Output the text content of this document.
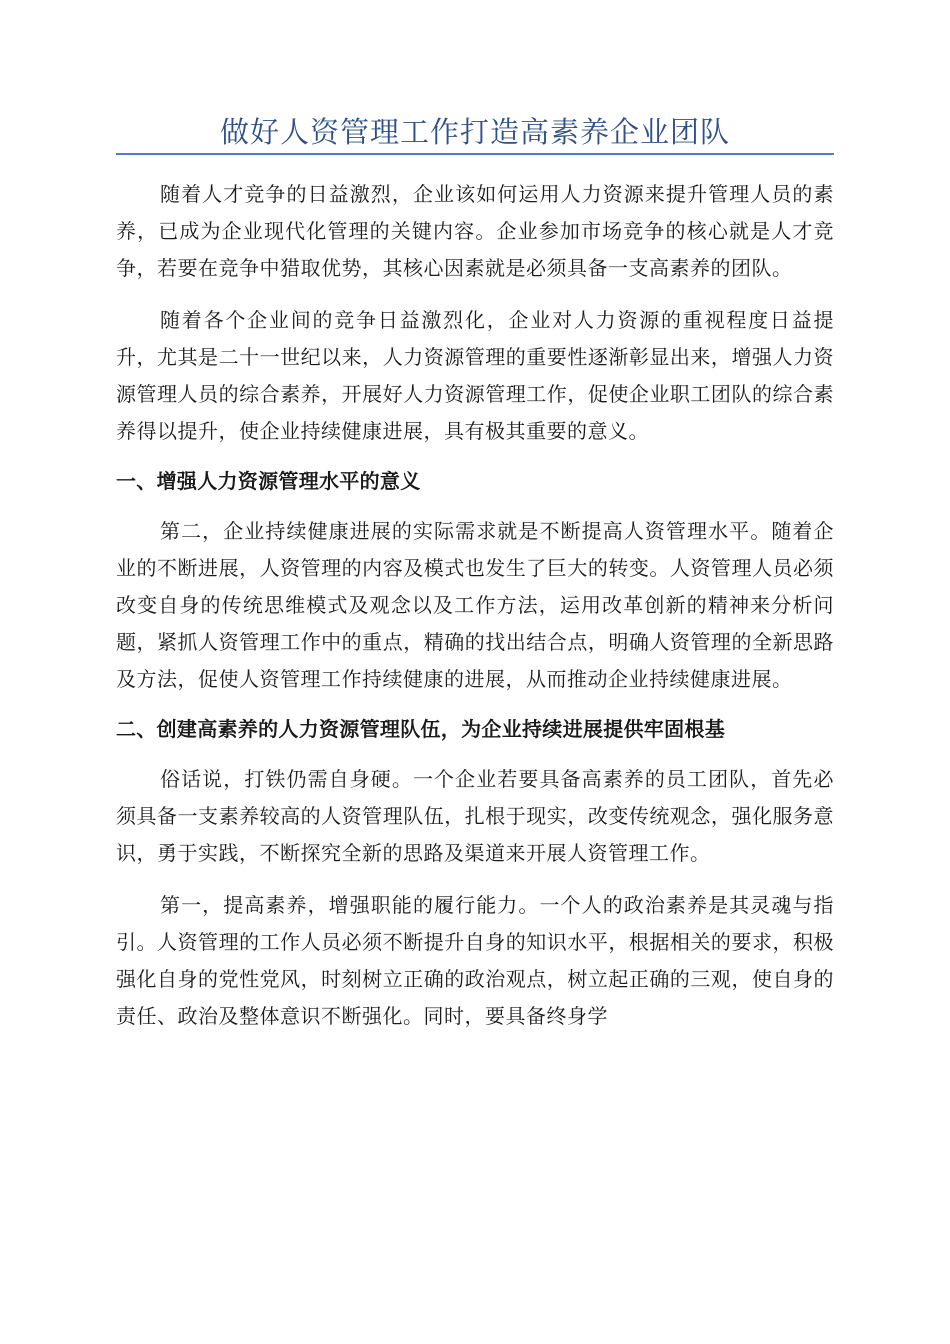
做好人资管理工作打造高素养企业团队

随着人才竞争的日益激烈，企业该如何运用人力资源来提升管理人员的素养，已成为企业现代化管理的关键内容。企业参加市场竞争的核心就是人才竞争，若要在竞争中猎取优势，其核心因素就是必须具备一支高素养的团队。

随着各个企业间的竞争日益激烈化，企业对人力资源的重视程度日益提升，尤其是二十一世纪以来，人力资源管理的重要性逐渐彰显出来，增强人力资源管理人员的综合素养，开展好人力资源管理工作，促使企业职工团队的综合素养得以提升，使企业持续健康进展，具有极其重要的意义。

一、增强人力资源管理水平的意义

第二，企业持续健康进展的实际需求就是不断提高人资管理水平。随着企业的不断进展，人资管理的内容及模式也发生了巨大的转变。人资管理人员必须改变自身的传统思维模式及观念以及工作方法，运用改革创新的精神来分析问题，紧抓人资管理工作中的重点，精确的找出结合点，明确人资管理的全新思路及方法，促使人资管理工作持续健康的进展，从而推动企业持续健康进展。

二、创建高素养的人力资源管理队伍，为企业持续进展提供牢固根基

俗话说，打铁仍需自身硬。一个企业若要具备高素养的员工团队，首先必须具备一支素养较高的人资管理队伍，扎根于现实，改变传统观念，强化服务意识，勇于实践，不断探究全新的思路及渠道来开展人资管理工作。

第一，提高素养，增强职能的履行能力。一个人的政治素养是其灵魂与指引。人资管理的工作人员必须不断提升自身的知识水平，根据相关的要求，积极强化自身的党性党风，时刻树立正确的政治观点，树立起正确的三观，使自身的责任、政治及整体意识不断强化。同时，要具备终身学
